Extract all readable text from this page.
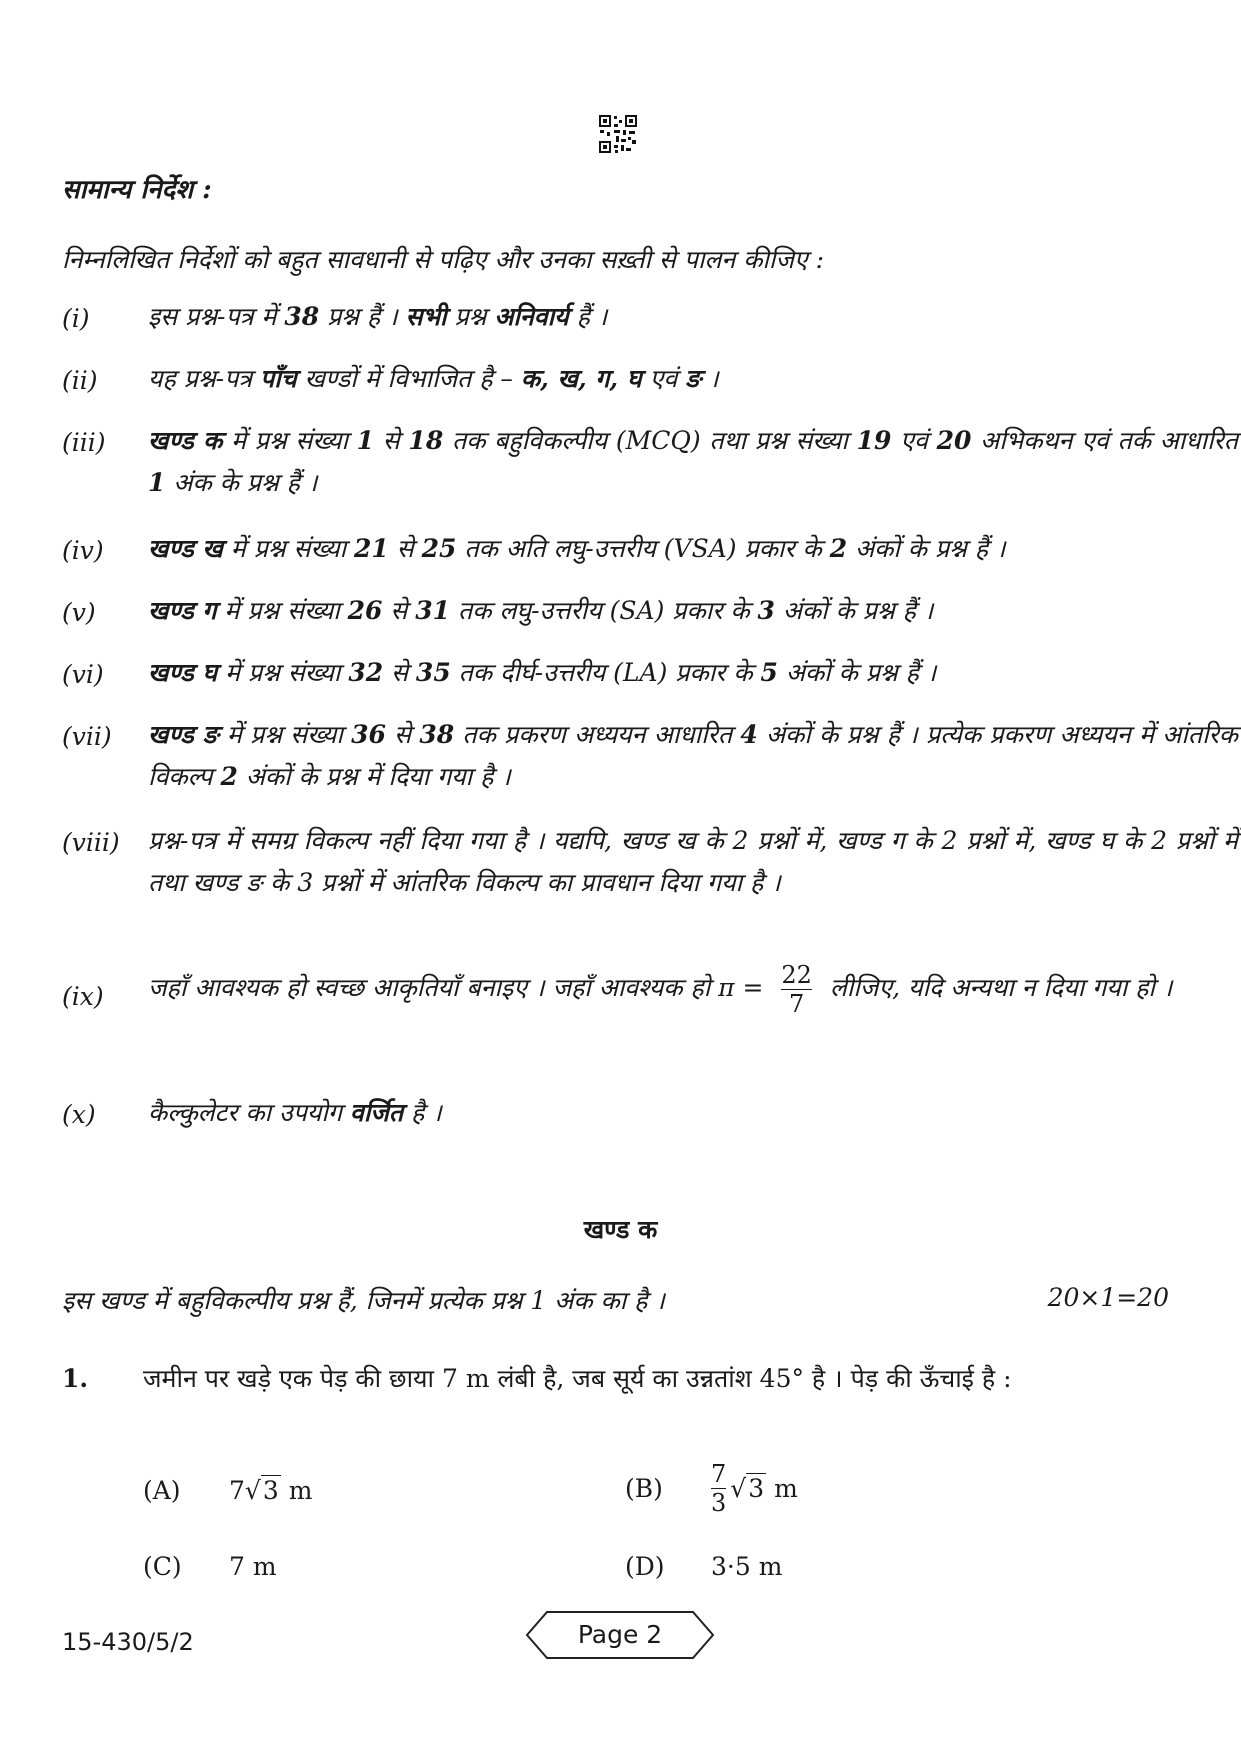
सामान्य निर्देश :
निम्नलिखित निर्देशों को बहुत सावधानी से पढ़िए और उनका सख़्ती से पालन कीजिए :
(i) इस प्रश्न-पत्र में 38 प्रश्न हैं । सभी प्रश्न अनिवार्य हैं ।
(ii) यह प्रश्न-पत्र पाँच खण्डों में विभाजित है – क, ख, ग, घ एवं ङ ।
(iii) खण्ड क में प्रश्न संख्या 1 से 18 तक बहुविकल्पीय (MCQ) तथा प्रश्न संख्या 19 एवं 20 अभिकथन एवं तर्क आधारित 1 अंक के प्रश्न हैं ।
(iv) खण्ड ख में प्रश्न संख्या 21 से 25 तक अति लघु-उत्तरीय (VSA) प्रकार के 2 अंकों के प्रश्न हैं ।
(v) खण्ड ग में प्रश्न संख्या 26 से 31 तक लघु-उत्तरीय (SA) प्रकार के 3 अंकों के प्रश्न हैं ।
(vi) खण्ड घ में प्रश्न संख्या 32 से 35 तक दीर्घ-उत्तरीय (LA) प्रकार के 5 अंकों के प्रश्न हैं ।
(vii) खण्ड ङ में प्रश्न संख्या 36 से 38 तक प्रकरण अध्ययन आधारित 4 अंकों के प्रश्न हैं । प्रत्येक प्रकरण अध्ययन में आंतरिक विकल्प 2 अंकों के प्रश्न में दिया गया है ।
(viii) प्रश्न-पत्र में समग्र विकल्प नहीं दिया गया है । यद्यपि, खण्ड ख के 2 प्रश्नों में, खण्ड ग के 2 प्रश्नों में, खण्ड घ के 2 प्रश्नों में तथा खण्ड ङ के 3 प्रश्नों में आंतरिक विकल्प का प्रावधान दिया गया है ।
(ix) जहाँ आवश्यक हो स्वच्छ आकृतियाँ बनाइए । जहाँ आवश्यक हो $\pi = \frac{22}{7}$ लीजिए, यदि अन्यथा न दिया गया हो ।
(x) कैल्कुलेटर का उपयोग वर्जित है ।
खण्ड क
इस खण्ड में बहुविकल्पीय प्रश्न हैं, जिनमें प्रत्येक प्रश्न 1 अंक का है ।	20×1=20
1. जमीन पर खड़े एक पेड़ की छाया 7 m लंबी है, जब सूर्य का उन्नतांश 45° है । पेड़ की ऊँचाई है :
(A) 7√3 m	$(B) \frac{7}{3} √3$ m
(C) 7 m	(D) 3·5 m
15-430/5/2	Page 2
